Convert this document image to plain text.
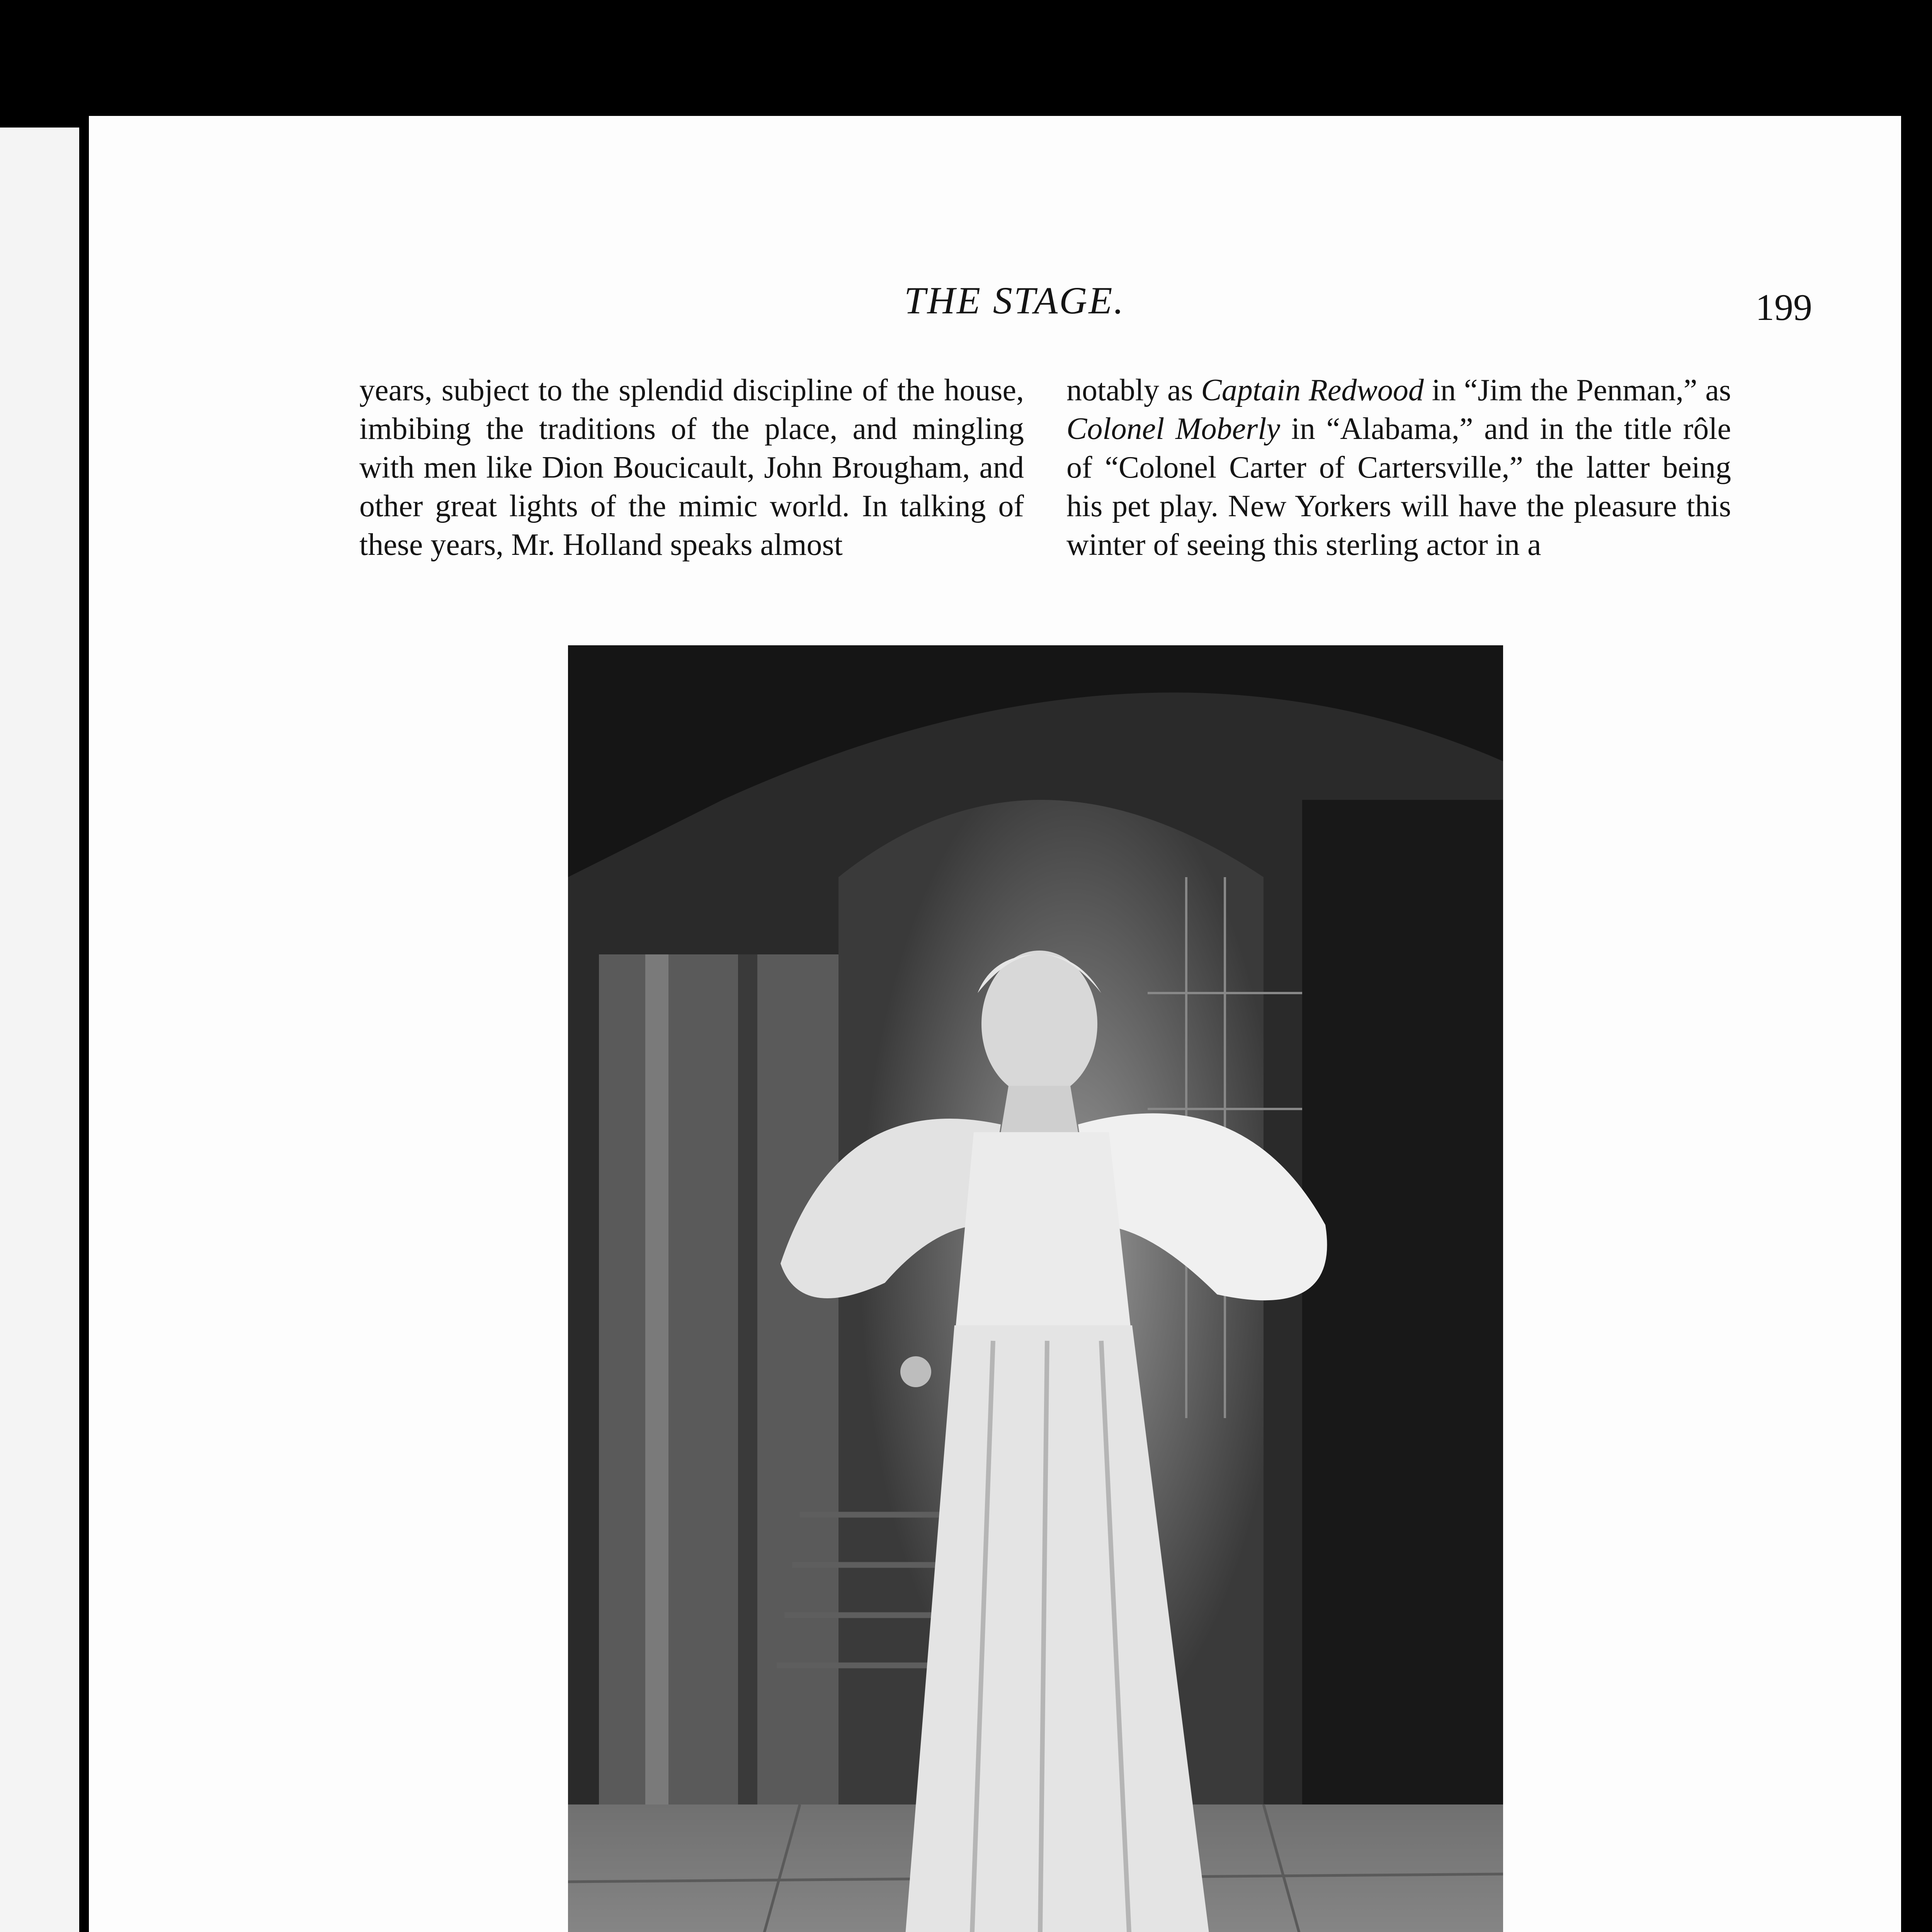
THE STAGE.	199

years, subject to the splendid discipline of the house, imbibing the traditions of the place, and mingling with men like Dion Boucicault, John Brougham, and other great lights of the mimic world. In talking of these years, Mr. Holland speaks almost

notably as Captain Redwood in “Jim the Penman,” as Colonel Moberly in “Alabama,” and in the title rôle of “Colonel Carter of Cartersville,” the latter being his pet play. New Yorkers will have the pleasure this winter of seeing this sterling actor in a
